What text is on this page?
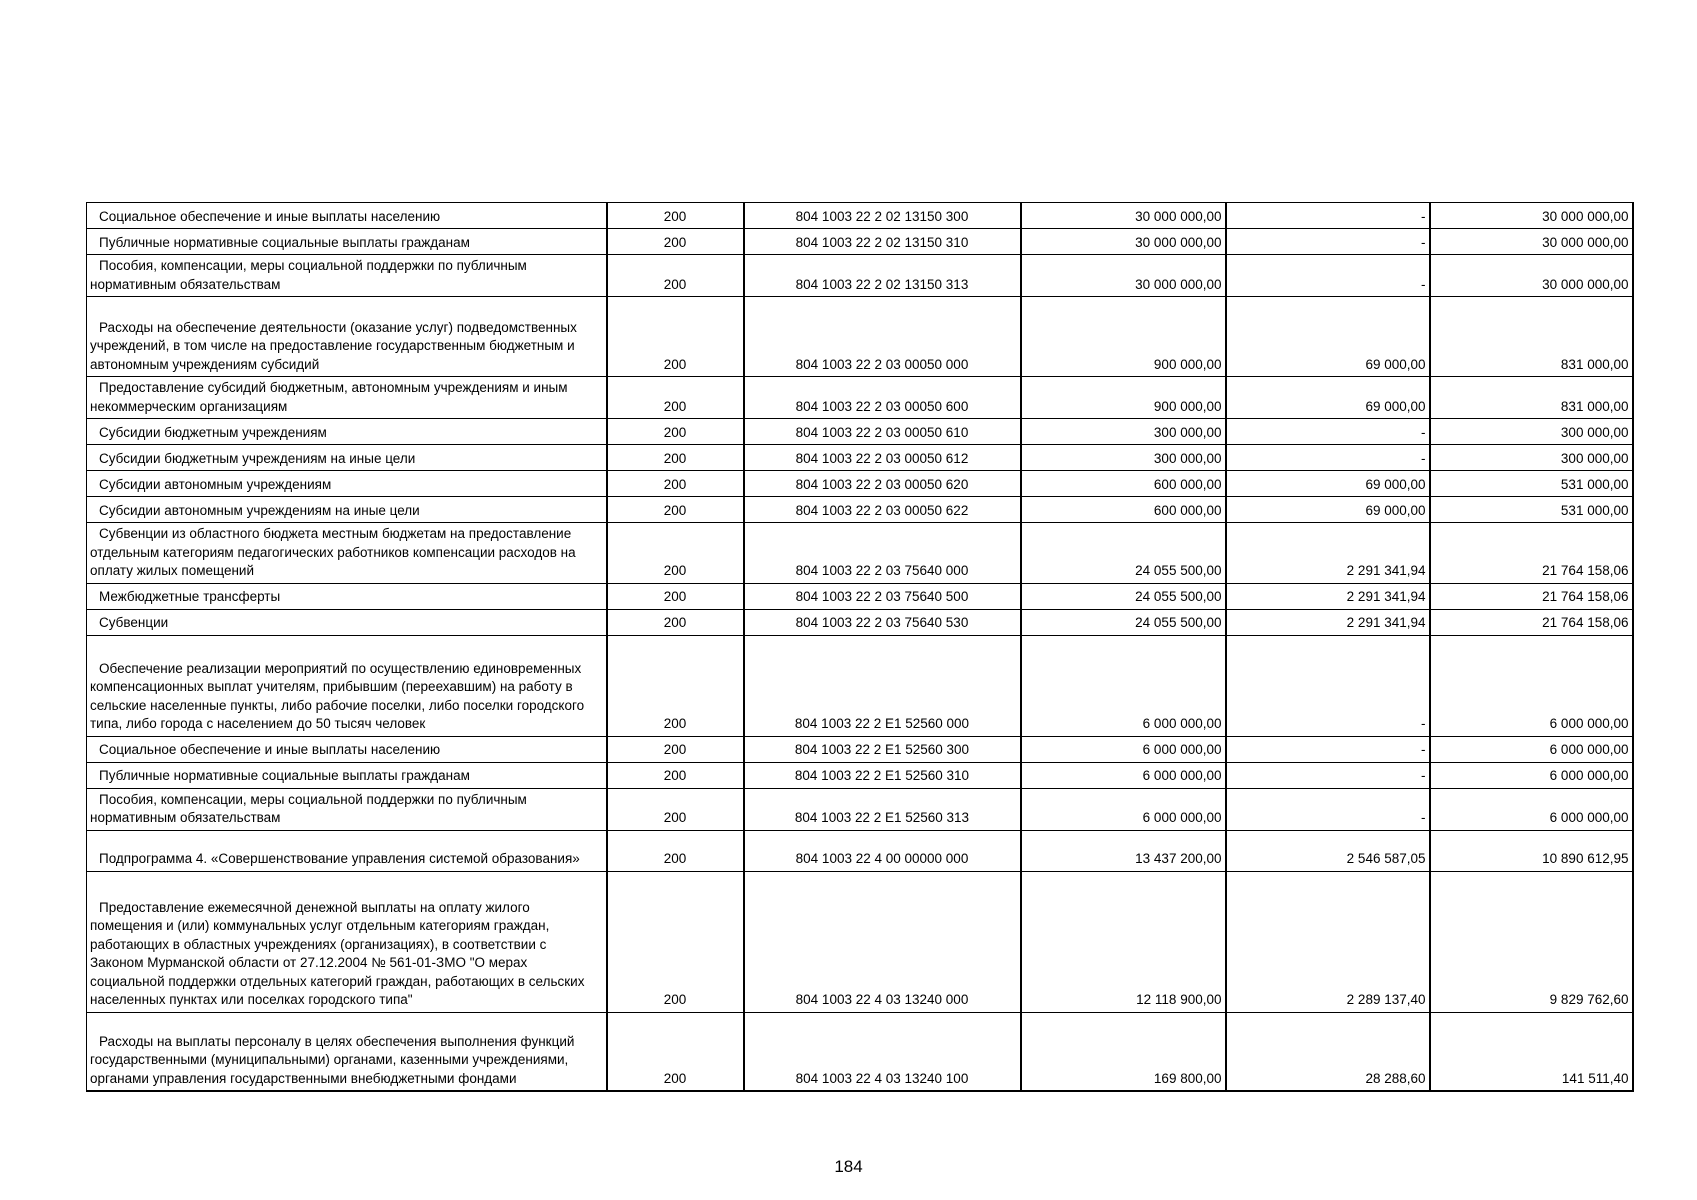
Социальное обеспечение и иные выплаты населению	200	804 1003 22 2 02 13150 300	30 000 000,00	-	30 000 000,00

Публичные нормативные социальные выплаты гражданам	200	804 1003 22 2 02 13150 310	30 000 000,00	-	30 000 000,00

Пособия, компенсации, меры социальной поддержки по публичным нормативным обязательствам	200	804 1003 22 2 02 13150 313	30 000 000,00	-	30 000 000,00

Расходы на обеспечение деятельности (оказание услуг) подведомственных учреждений, в том числе на предоставление государственным бюджетным и автономным учреждениям субсидий	200	804 1003 22 2 03 00050 000	900 000,00	69 000,00	831 000,00

Предоставление субсидий бюджетным, автономным учреждениям и иным некоммерческим организациям	200	804 1003 22 2 03 00050 600	900 000,00	69 000,00	831 000,00

Субсидии бюджетным учреждениям	200	804 1003 22 2 03 00050 610	300 000,00	-	300 000,00

Субсидии бюджетным учреждениям на иные цели	200	804 1003 22 2 03 00050 612	300 000,00	-	300 000,00

Субсидии автономным учреждениям	200	804 1003 22 2 03 00050 620	600 000,00	69 000,00	531 000,00

Субсидии автономным учреждениям на иные цели	200	804 1003 22 2 03 00050 622	600 000,00	69 000,00	531 000,00

Субвенции из областного бюджета местным бюджетам на предоставление отдельным категориям педагогических работников компенсации расходов на оплату жилых помещений	200	804 1003 22 2 03 75640 000	24 055 500,00	2 291 341,94	21 764 158,06

Межбюджетные трансферты	200	804 1003 22 2 03 75640 500	24 055 500,00	2 291 341,94	21 764 158,06

Субвенции	200	804 1003 22 2 03 75640 530	24 055 500,00	2 291 341,94	21 764 158,06

Обеспечение реализации мероприятий по осуществлению единовременных компенсационных выплат учителям, прибывшим (переехавшим) на работу в сельские населенные пункты, либо рабочие поселки, либо поселки городского типа, либо города с населением до 50 тысяч человек	200	804 1003 22 2 E1 52560 000	6 000 000,00	-	6 000 000,00

Социальное обеспечение и иные выплаты населению	200	804 1003 22 2 E1 52560 300	6 000 000,00	-	6 000 000,00

Публичные нормативные социальные выплаты гражданам	200	804 1003 22 2 E1 52560 310	6 000 000,00	-	6 000 000,00

Пособия, компенсации, меры социальной поддержки по публичным нормативным обязательствам	200	804 1003 22 2 E1 52560 313	6 000 000,00	-	6 000 000,00

Подпрограмма 4. «Совершенствование управления системой образования»	200	804 1003 22 4 00 00000 000	13 437 200,00	2 546 587,05	10 890 612,95

Предоставление ежемесячной денежной выплаты на оплату жилого помещения и (или) коммунальных услуг отдельным категориям граждан, работающих в областных учреждениях (организациях), в соответствии с Законом Мурманской области от 27.12.2004 № 561-01-ЗМО "О мерах социальной поддержки отдельных категорий граждан, работающих в сельских населенных пунктах или поселках городского типа"	200	804 1003 22 4 03 13240 000	12 118 900,00	2 289 137,40	9 829 762,60

Расходы на выплаты персоналу в целях обеспечения выполнения функций государственными (муниципальными) органами, казенными учреждениями, органами управления государственными внебюджетными фондами	200	804 1003 22 4 03 13240 100	169 800,00	28 288,60	141 511,40
184
